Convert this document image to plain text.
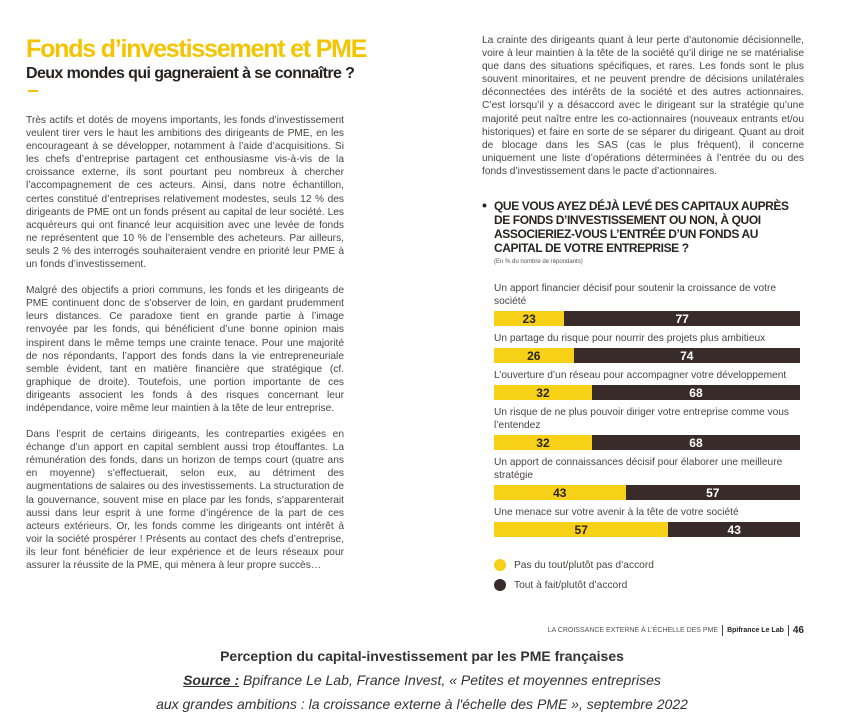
Fonds d’investissement et PME
Deux mondes qui gagneraient à se connaître ?

Très actifs et dotés de moyens importants, les fonds d’investissement veulent tirer vers le haut les ambitions des dirigeants de PME, en les encourageant à se développer, notamment à l’aide d’acquisitions. Si les chefs d’entreprise partagent cet enthousiasme vis-à-vis de la croissance externe, ils sont pourtant peu nombreux à chercher l’accompagnement de ces acteurs. Ainsi, dans notre échantillon, certes constitué d’entreprises relativement modestes, seuls 12 % des dirigeants de PME ont un fonds présent au capital de leur société. Les acquéreurs qui ont financé leur acquisition avec une levée de fonds ne représentent que 10 % de l’ensemble des acheteurs. Par ailleurs, seuls 2 % des interrogés souhaiteraient vendre en priorité leur PME à un fonds d’investissement.

Malgré des objectifs a priori communs, les fonds et les dirigeants de PME continuent donc de s’observer de loin, en gardant prudemment leurs distances. Ce paradoxe tient en grande partie à l’image renvoyée par les fonds, qui bénéficient d’une bonne opinion mais inspirent dans le même temps une crainte tenace. Pour une majorité de nos répondants, l’apport des fonds dans la vie entrepreneuriale semble évident, tant en matière financière que stratégique (cf. graphique de droite). Toutefois, une portion importante de ces dirigeants associent les fonds à des risques concernant leur indépendance, voire même leur maintien à la tête de leur entreprise.

Dans l’esprit de certains dirigeants, les contreparties exigées en échange d’un apport en capital semblent aussi trop étouffantes. La rémunération des fonds, dans un horizon de temps court (quatre ans en moyenne) s’effectuerait, selon eux, au détriment des augmentations de salaires ou des investissements. La structuration de la gouvernance, souvent mise en place par les fonds, s’apparenterait aussi dans leur esprit à une forme d’ingérence de la part de ces acteurs extérieurs. Or, les fonds comme les dirigeants ont intérêt à voir la société prospérer ! Présents au contact des chefs d’entreprise, ils leur font bénéficier de leur expérience et de leurs réseaux pour assurer la réussite de la PME, qui mènera à leur propre succès…

La crainte des dirigeants quant à leur perte d’autonomie décisionnelle, voire à leur maintien à la tête de la société qu’il dirige ne se matérialise que dans des situations spécifiques, et rares. Les fonds sont le plus souvent minoritaires, et ne peuvent prendre de décisions unilatérales déconnectées des intérêts de la société et des autres actionnaires. C’est lorsqu’il y a désaccord avec le dirigeant sur la stratégie qu’une majorité peut naître entre les co-actionnaires (nouveaux entrants et/ou historiques) et faire en sorte de se séparer du dirigeant. Quant au droit de blocage dans les SAS (cas le plus fréquent), il concerne uniquement une liste d’opérations déterminées à l’entrée du ou des fonds d’investissement dans le pacte d’actionnaires.

• QUE VOUS AYEZ DÉJÀ LEVÉ DES CAPITAUX AUPRÈS DE FONDS D’INVESTISSEMENT OU NON, À QUOI ASSOCIERIEZ-VOUS L’ENTRÉE D’UN FONDS AU CAPITAL DE VOTRE ENTREPRISE ?
(En % du nombre de répondants)
Un apport financier décisif pour soutenir la croissance de votre société
23	77
Un partage du risque pour nourrir des projets plus ambitieux
26	74
L’ouverture d’un réseau pour accompagner votre développement
32	68
Un risque de ne plus pouvoir diriger votre entreprise comme vous l’entendez
32	68
Un apport de connaissances décisif pour élaborer une meilleure stratégie
43	57
Une menace sur votre avenir à la tête de votre société
57	43
Pas du tout/plutôt pas d’accord
Tout à fait/plutôt d’accord
LA CROISSANCE EXTERNE À L’ÉCHELLE DES PME Bpifrance Le Lab 46
Perception du capital-investissement par les PME françaises
Source : Bpifrance Le Lab, France Invest, « Petites et moyennes entreprises
aux grandes ambitions : la croissance externe à l'échelle des PME », septembre 2022
